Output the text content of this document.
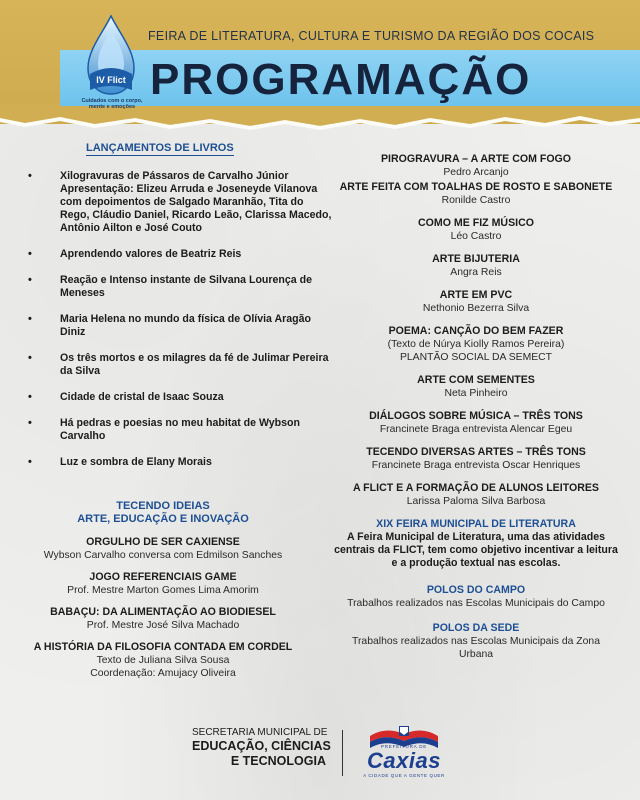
FEIRA DE LITERATURA, CULTURA E TURISMO DA REGIÃO DOS COCAIS
PROGRAMAÇÃO
IV Flict
Cuidados com o corpo, mente e emoções
LANÇAMENTOS DE LIVROS
•	Xilogravuras de Pássaros de Carvalho Júnior
Apresentação: Elizeu Arruda e Joseneyde Vilanova
com depoimentos de Salgado Maranhão, Tita do
Rego, Cláudio Daniel, Ricardo Leão, Clarissa Macedo,
Antônio Ailton e José Couto
•	Aprendendo valores de Beatriz Reis
•	Reação e Intenso instante de Silvana Lourença de
Meneses
•	Maria Helena no mundo da física de Olívia Aragão
Diniz
•	Os três mortos e os milagres da fé de Julimar Pereira
da Silva
•	Cidade de cristal de Isaac Souza
•	Há pedras e poesias no meu habitat de Wybson
Carvalho
•	Luz e sombra de Elany Morais
TECENDO IDEIAS
ARTE, EDUCAÇÃO E INOVAÇÃO
ORGULHO DE SER CAXIENSE
Wybson Carvalho conversa com Edmilson Sanches
JOGO REFERENCIAIS GAME
Prof. Mestre Marton Gomes Lima Amorim
BABAÇU: DA ALIMENTAÇÃO AO BIODIESEL
Prof. Mestre José Silva Machado
A HISTÓRIA DA FILOSOFIA CONTADA EM CORDEL
Texto de Juliana Silva Sousa
Coordenação: Amujacy Oliveira
PIROGRAVURA – A ARTE COM FOGO
Pedro Arcanjo
ARTE FEITA COM TOALHAS DE ROSTO E SABONETE
Ronilde Castro
COMO ME FIZ MÚSICO
Léo Castro
ARTE BIJUTERIA
Angra Reis
ARTE EM PVC
Nethonio Bezerra Silva
POEMA: CANÇÃO DO BEM FAZER
(Texto de Núrya Kiolly Ramos Pereira)
PLANTÃO SOCIAL DA SEMECT
ARTE COM SEMENTES
Neta Pinheiro
DIÁLOGOS SOBRE MÚSICA – TRÊS TONS
Francinete Braga entrevista Alencar Egeu
TECENDO DIVERSAS ARTES – TRÊS TONS
Francinete Braga entrevista Oscar Henriques
A FLICT E A FORMAÇÃO DE ALUNOS LEITORES
Larissa Paloma Silva Barbosa
XIX FEIRA MUNICIPAL DE LITERATURA
A Feira Municipal de Literatura, uma das atividades
centrais da FLICT, tem como objetivo incentivar a leitura
e a produção textual nas escolas.
POLOS DO CAMPO
Trabalhos realizados nas Escolas Municipais do Campo
POLOS DA SEDE
Trabalhos realizados nas Escolas Municipais da Zona
Urbana
SECRETARIA MUNICIPAL DE
EDUCAÇÃO, CIÊNCIAS
E TECNOLOGIA
PREFEITURA DE
Caxias
A CIDADE QUE A GENTE QUER
